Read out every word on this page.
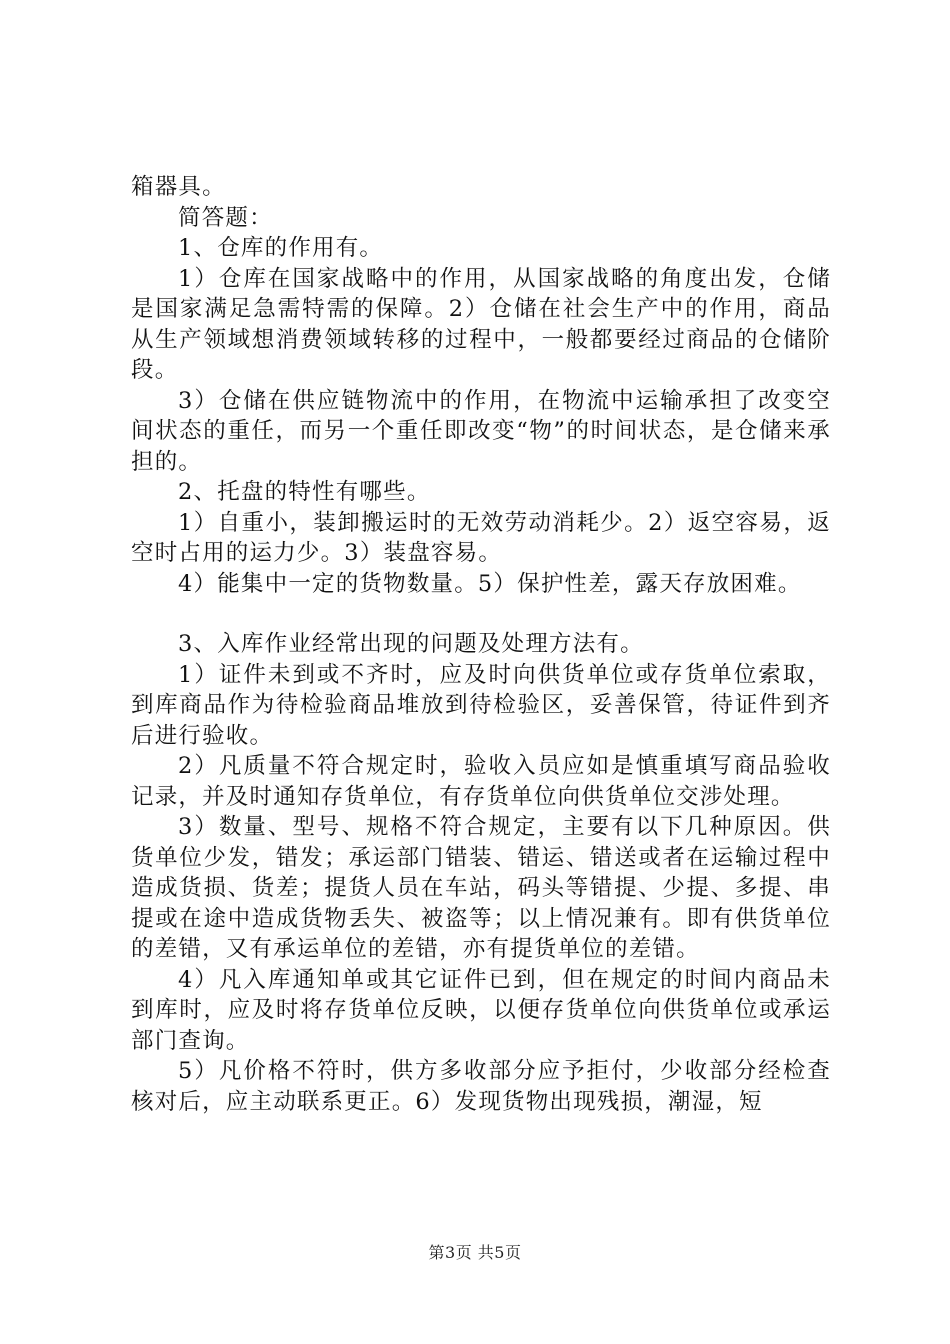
箱器具。

简答题：

1、仓库的作用有。

1）仓库在国家战略中的作用，从国家战略的角度出发，仓储是国家满足急需特需的保障。2）仓储在社会生产中的作用，商品从生产领域想消费领域转移的过程中，一般都要经过商品的仓储阶段。

3）仓储在供应链物流中的作用，在物流中运输承担了改变空间状态的重任，而另一个重任即改变“物”的时间状态，是仓储来承担的。

2、托盘的特性有哪些。

1）自重小，装卸搬运时的无效劳动消耗少。2）返空容易，返空时占用的运力少。3）装盘容易。

4）能集中一定的货物数量。5）保护性差，露天存放困难。

3、入库作业经常出现的问题及处理方法有。

1）证件未到或不齐时，应及时向供货单位或存货单位索取，到库商品作为待检验商品堆放到待检验区，妥善保管，待证件到齐后进行验收。

2）凡质量不符合规定时，验收入员应如是慎重填写商品验收记录，并及时通知存货单位，有存货单位向供货单位交涉处理。

3）数量、型号、规格不符合规定，主要有以下几种原因。供货单位少发，错发；承运部门错装、错运、错送或者在运输过程中造成货损、货差；提货人员在车站，码头等错提、少提、多提、串提或在途中造成货物丢失、被盗等；以上情况兼有。即有供货单位的差错，又有承运单位的差错，亦有提货单位的差错。

4）凡入库通知单或其它证件已到，但在规定的时间内商品未到库时，应及时将存货单位反映，以便存货单位向供货单位或承运部门查询。

5）凡价格不符时，供方多收部分应予拒付，少收部分经检查核对后，应主动联系更正。6）发现货物出现残损，潮湿，短

第3页 共5页
